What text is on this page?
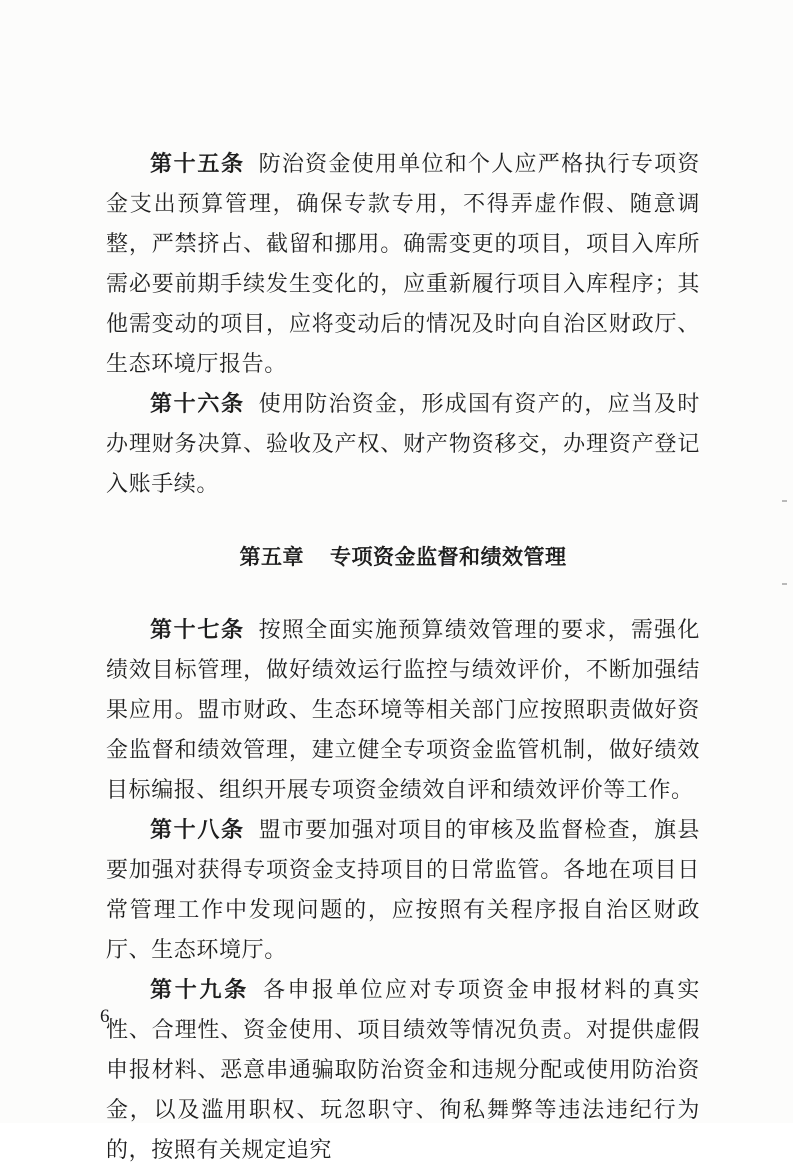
第十五条 防治资金使用单位和个人应严格执行专项资金支出预算管理，确保专款专用，不得弄虚作假、随意调整，严禁挤占、截留和挪用。确需变更的项目，项目入库所需必要前期手续发生变化的，应重新履行项目入库程序；其他需变动的项目，应将变动后的情况及时向自治区财政厅、生态环境厅报告。

第十六条 使用防治资金，形成国有资产的，应当及时办理财务决算、验收及产权、财产物资移交，办理资产登记入账手续。

第五章 专项资金监督和绩效管理

第十七条 按照全面实施预算绩效管理的要求，需强化绩效目标管理，做好绩效运行监控与绩效评价，不断加强结果应用。盟市财政、生态环境等相关部门应按照职责做好资金监督和绩效管理，建立健全专项资金监管机制，做好绩效目标编报、组织开展专项资金绩效自评和绩效评价等工作。

第十八条 盟市要加强对项目的审核及监督检查，旗县要加强对获得专项资金支持项目的日常监管。各地在项目日常管理工作中发现问题的，应按照有关程序报自治区财政厅、生态环境厅。

第十九条 各申报单位应对专项资金申报材料的真实性、合理性、资金使用、项目绩效等情况负责。对提供虚假申报材料、恶意串通骗取防治资金和违规分配或使用防治资金，以及滥用职权、玩忽职守、徇私舞弊等违法违纪行为的，按照有关规定追究

6
